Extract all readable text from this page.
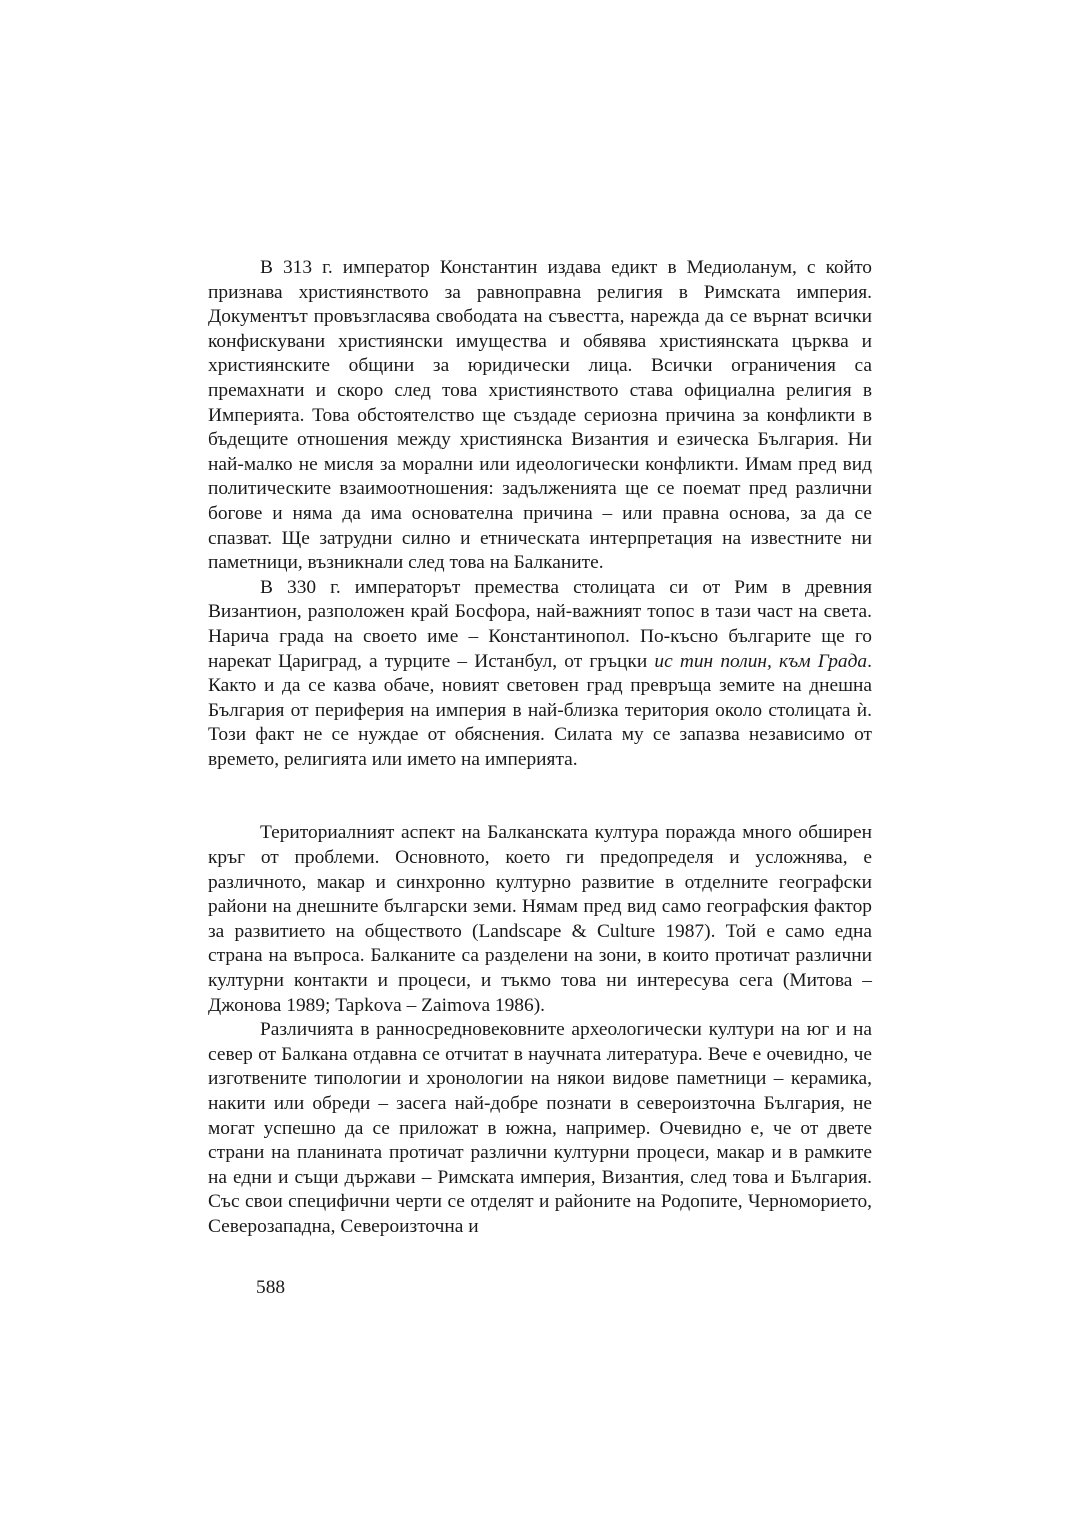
В 313 г. император Константин издава едикт в Медиоланум, с който признава християнството за равноправна религия в Римската империя. Документът провъзгласява свободата на съвестта, нарежда да се върнат всички конфискувани християнски имущества и обявява християнската църква и християнските общини за юридически лица. Всички ограничения са премахнати и скоро след това християнството става официална религия в Империята. Това обстоятелство ще създаде сериозна причина за конфликти в бъдещите отношения между християнска Византия и езическа България. Ни най-малко не мисля за морални или идеологически конфликти. Имам пред вид политическите взаимоотношения: задълженията ще се поемат пред различни богове и няма да има основателна причина – или правна основа, за да се спазват. Ще затрудни силно и етническата интерпретация на известните ни паметници, възникнали след това на Балканите.

В 330 г. императорът премества столицата си от Рим в древния Византион, разположен край Босфора, най-важният топос в тази част на света. Нарича града на своето име – Константинопол. По-късно българите ще го нарекат Цариград, а турците – Истанбул, от гръцки ис тин полин, към Града. Както и да се казва обаче, новият световен град превръща земите на днешна България от периферия на империя в най-близка територия около столицата ѝ. Този факт не се нуждае от обяснения. Силата му се запазва независимо от времето, религията или името на империята.

Териториалният аспект на Балканската култура поражда много обширен кръг от проблеми. Основното, което ги предопределя и усложнява, е различното, макар и синхронно културно развитие в отделните географски райони на днешните български земи. Нямам пред вид само географския фактор за развитието на обществото (Landscape & Culture 1987). Той е само една страна на въпроса. Балканите са разделени на зони, в които протичат различни културни контакти и процеси, и тъкмо това ни интересува сега (Митова – Джонова 1989; Tapkova – Zaimova 1986).

Различията в ранносредновековните археологически култури на юг и на север от Балкана отдавна се отчитат в научната литература. Вече е очевидно, че изготвените типологии и хронологии на някои видове паметници – керамика, накити или обреди – засега най-добре познати в североизточна България, не могат успешно да се приложат в южна, например. Очевидно е, че от двете страни на планината протичат различни културни процеси, макар и в рамките на едни и същи държави – Римската империя, Византия, след това и България. Със свои специфични черти се отделят и районите на Родопите, Черноморието, Северозападна, Североизточна и

588
